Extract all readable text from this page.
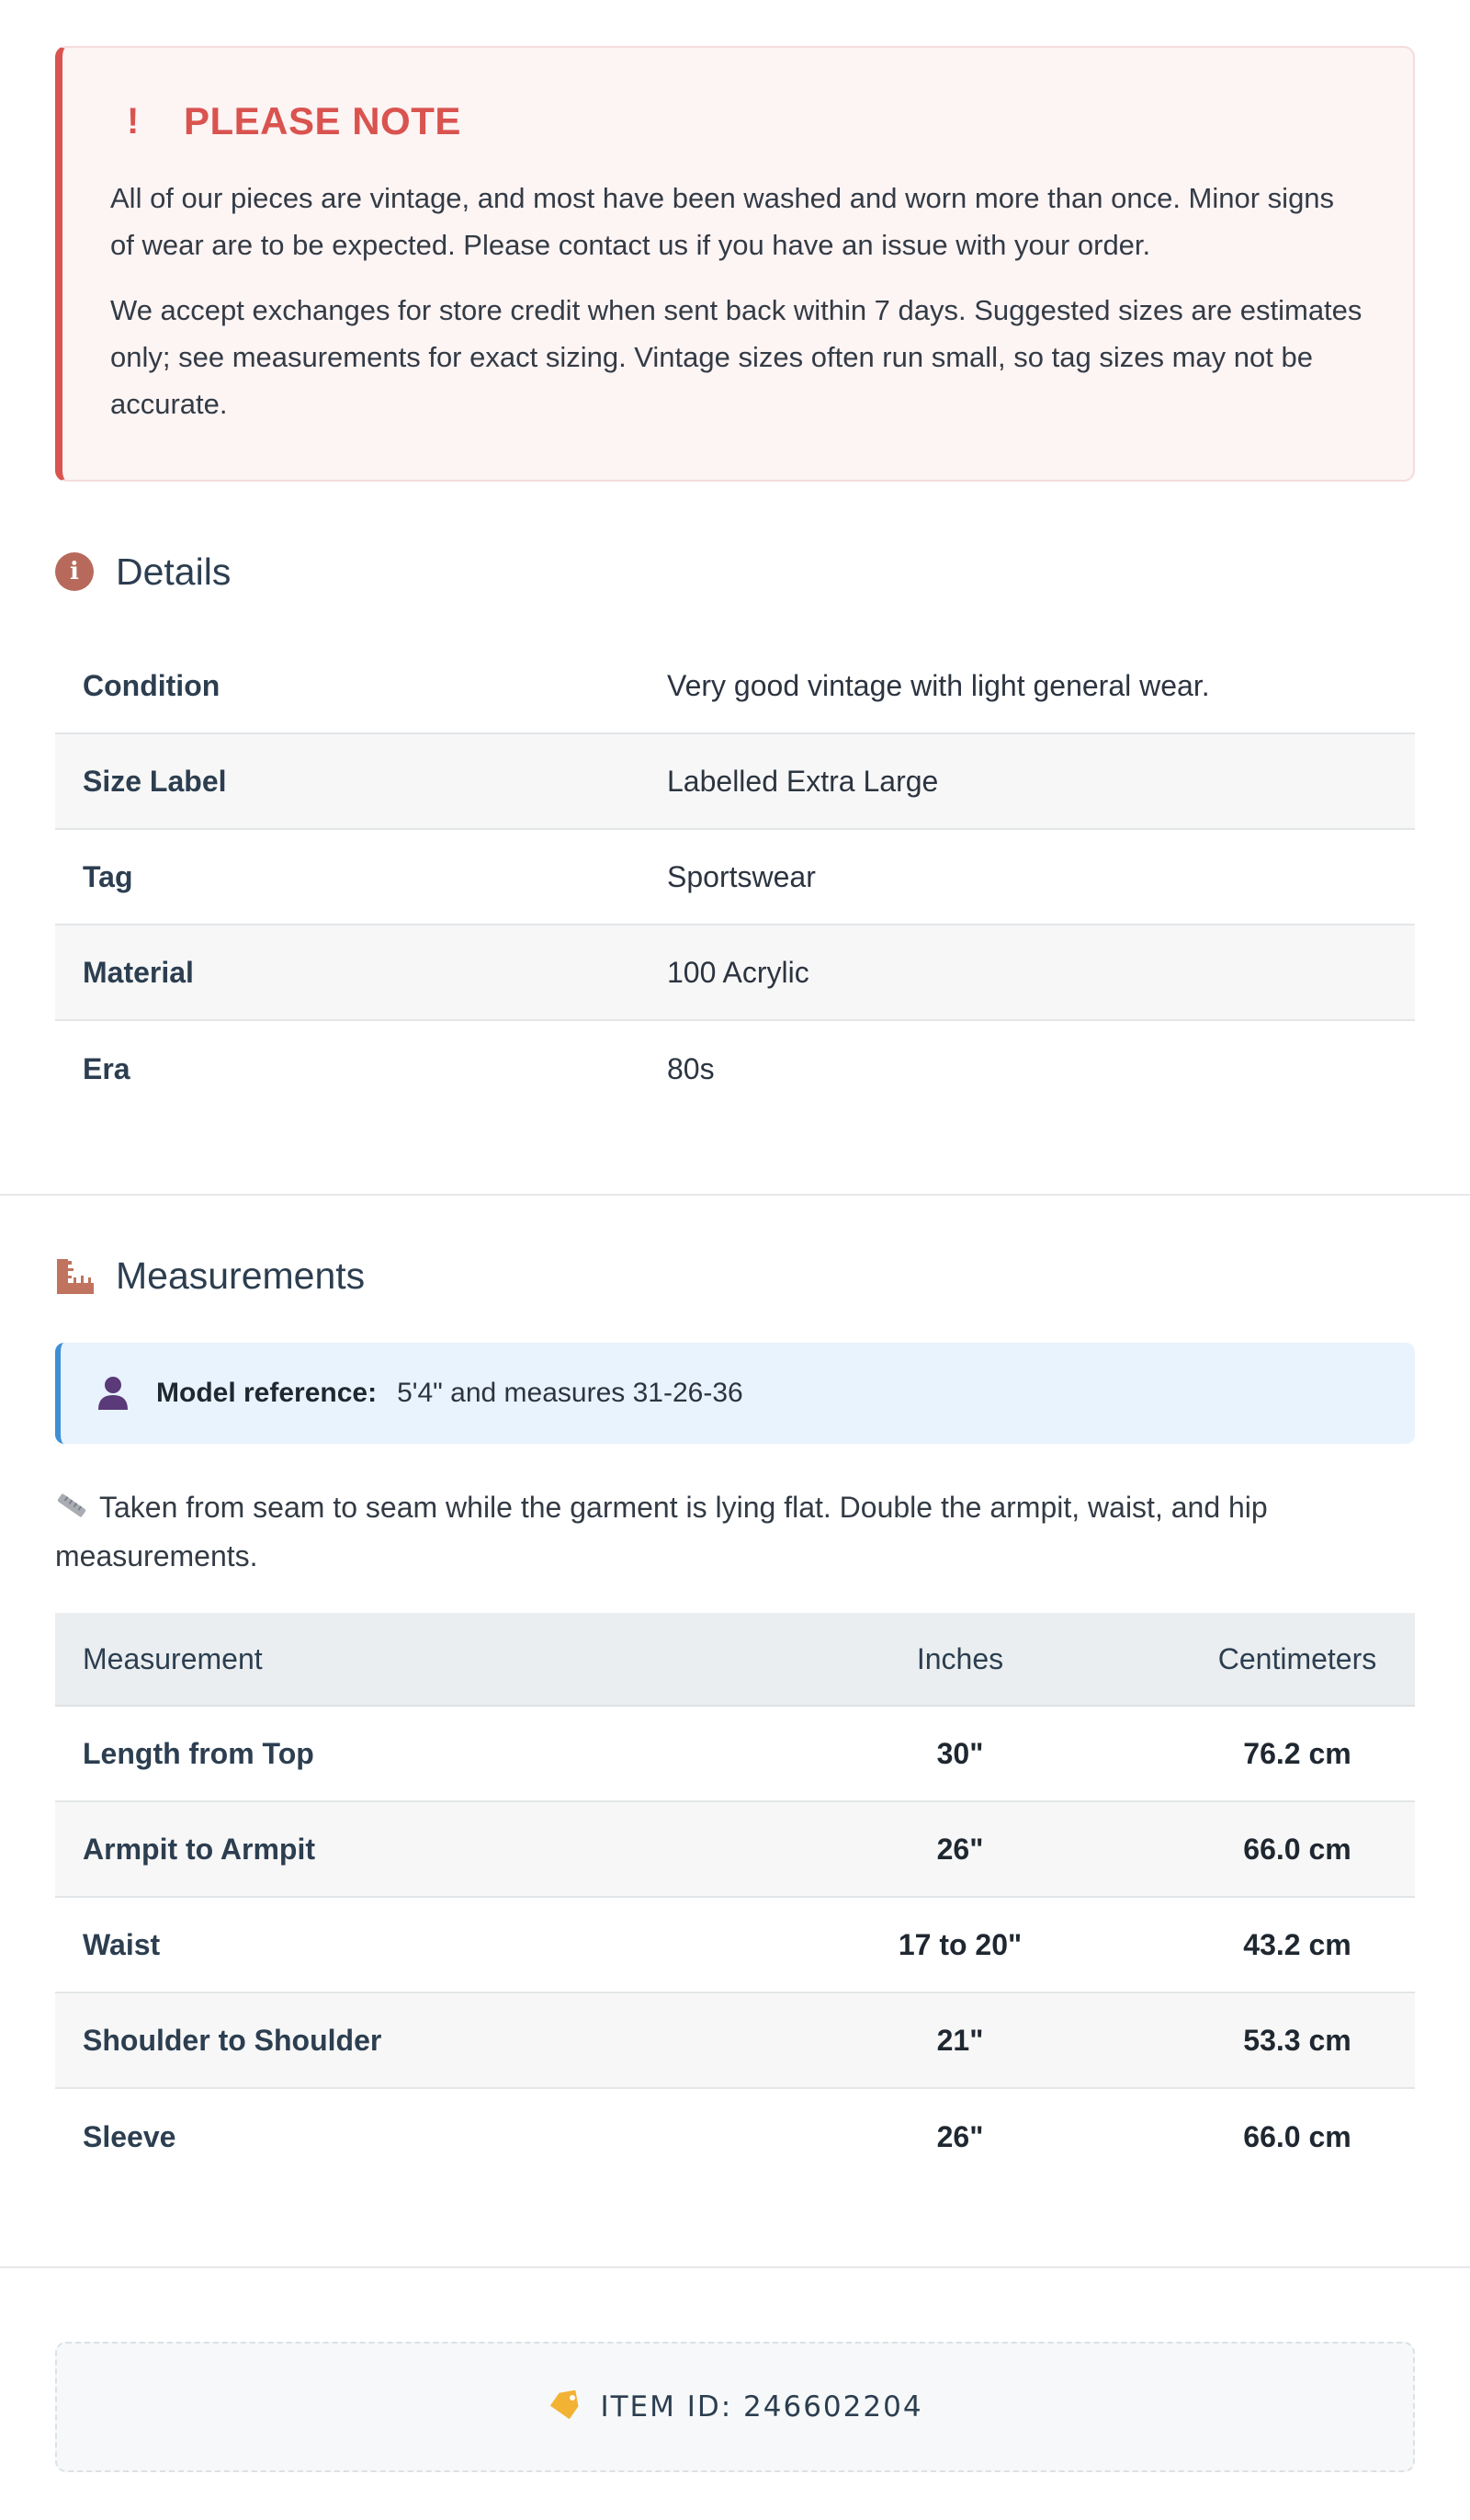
!	PLEASE NOTE

All of our pieces are vintage, and most have been washed and worn more than once. Minor signs of wear are to be expected. Please contact us if you have an issue with your order.

We accept exchanges for store credit when sent back within 7 days. Suggested sizes are estimates only; see measurements for exact sizing. Vintage sizes often run small, so tag sizes may not be accurate.

i Details
Condition	Very good vintage with light general wear.
Size Label	Labelled Extra Large
Tag	Sportswear
Material	100 Acrylic
Era	80s
Measurements
Model reference: 5'4" and measures 31-26-36
Taken from seam to seam while the garment is lying flat. Double the armpit, waist, and hip measurements.
Measurement	Inches	Centimeters
Length from Top	30"	76.2 cm
Armpit to Armpit	26"	66.0 cm
Waist	17 to 20"	43.2 cm
Shoulder to Shoulder	21"	53.3 cm
Sleeve	26"	66.0 cm
ITEM ID: 246602204
